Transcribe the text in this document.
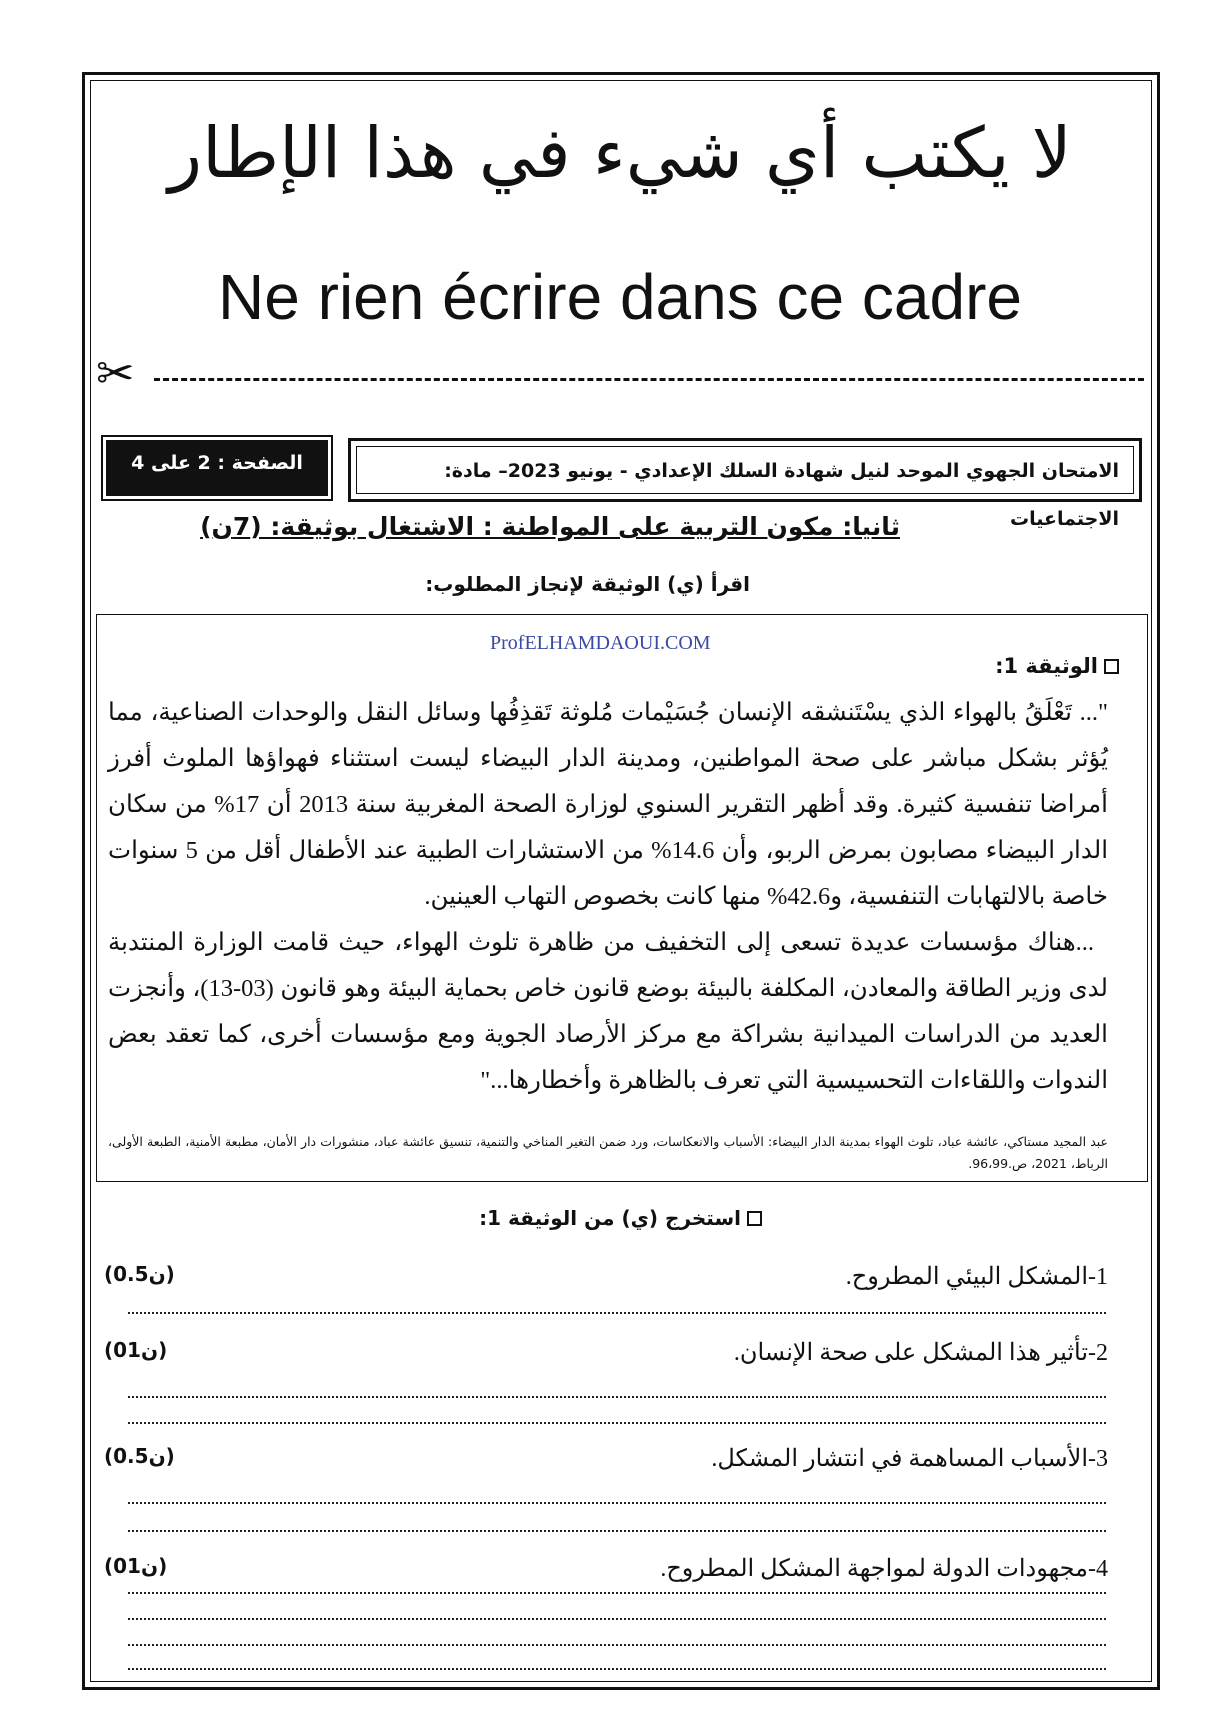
لا يكتب أي شيء في هذا الإطار
Ne rien écrire dans ce cadre
✂
الصفحة : 2 على 4	الامتحان الجهوي الموحد لنيل شهادة السلك الإعدادي - يونيو 2023– مادة: الاجتماعيات
ثانيا: مكون التربية على المواطنة : الاشتغال بوثيقة: (7ن)
اقرأ (ي) الوثيقة لإنجاز المطلوب:
ProfELHAMDAOUI.COM
الوثيقة 1:

"... تَعْلَقُ بالهواء الذي يسْتَنشقه الإنسان جُسَيْمات مُلوثة تَقذِفُها وسائل النقل والوحدات الصناعية، مما يُؤثر بشكل مباشر على صحة المواطنين، ومدينة الدار البيضاء ليست استثناء فهواؤها الملوث أفرز أمراضا تنفسية كثيرة. وقد أظهر التقرير السنوي لوزارة الصحة المغربية سنة 2013 أن 17% من سكان الدار البيضاء مصابون بمرض الربو، وأن 14.6% من الاستشارات الطبية عند الأطفال أقل من 5 سنوات خاصة بالالتهابات التنفسية، و42.6% منها كانت بخصوص التهاب العينين.

...هناك مؤسسات عديدة تسعى إلى التخفيف من ظاهرة تلوث الهواء، حيث قامت الوزارة المنتدبة لدى وزير الطاقة والمعادن، المكلفة بالبيئة بوضع قانون خاص بحماية البيئة وهو قانون (03-13)، وأنجزت العديد من الدراسات الميدانية بشراكة مع مركز الأرصاد الجوية ومع مؤسسات أخرى، كما تعقد بعض الندوات واللقاءات التحسيسية التي تعرف بالظاهرة وأخطارها..."

عبد المجيد مستاكي، عائشة عباد، تلوث الهواء بمدينة الدار البيضاء: الأسباب والانعكاسات، ورد ضمن التغير المناخي والتنمية، تنسيق عائشة عباد، منشورات دار الأمان، مطبعة الأمنية، الطبعة الأولى، الرباط، 2021، ص.96،99.
استخرج (ي) من الوثيقة 1:
1-المشكل البيئي المطروح.
(0.5ن)
2-تأثير هذا المشكل على صحة الإنسان.
(01ن)
3-الأسباب المساهمة في انتشار المشكل.
(0.5ن)
4-مجهودات الدولة لمواجهة المشكل المطروح.
(01ن)
